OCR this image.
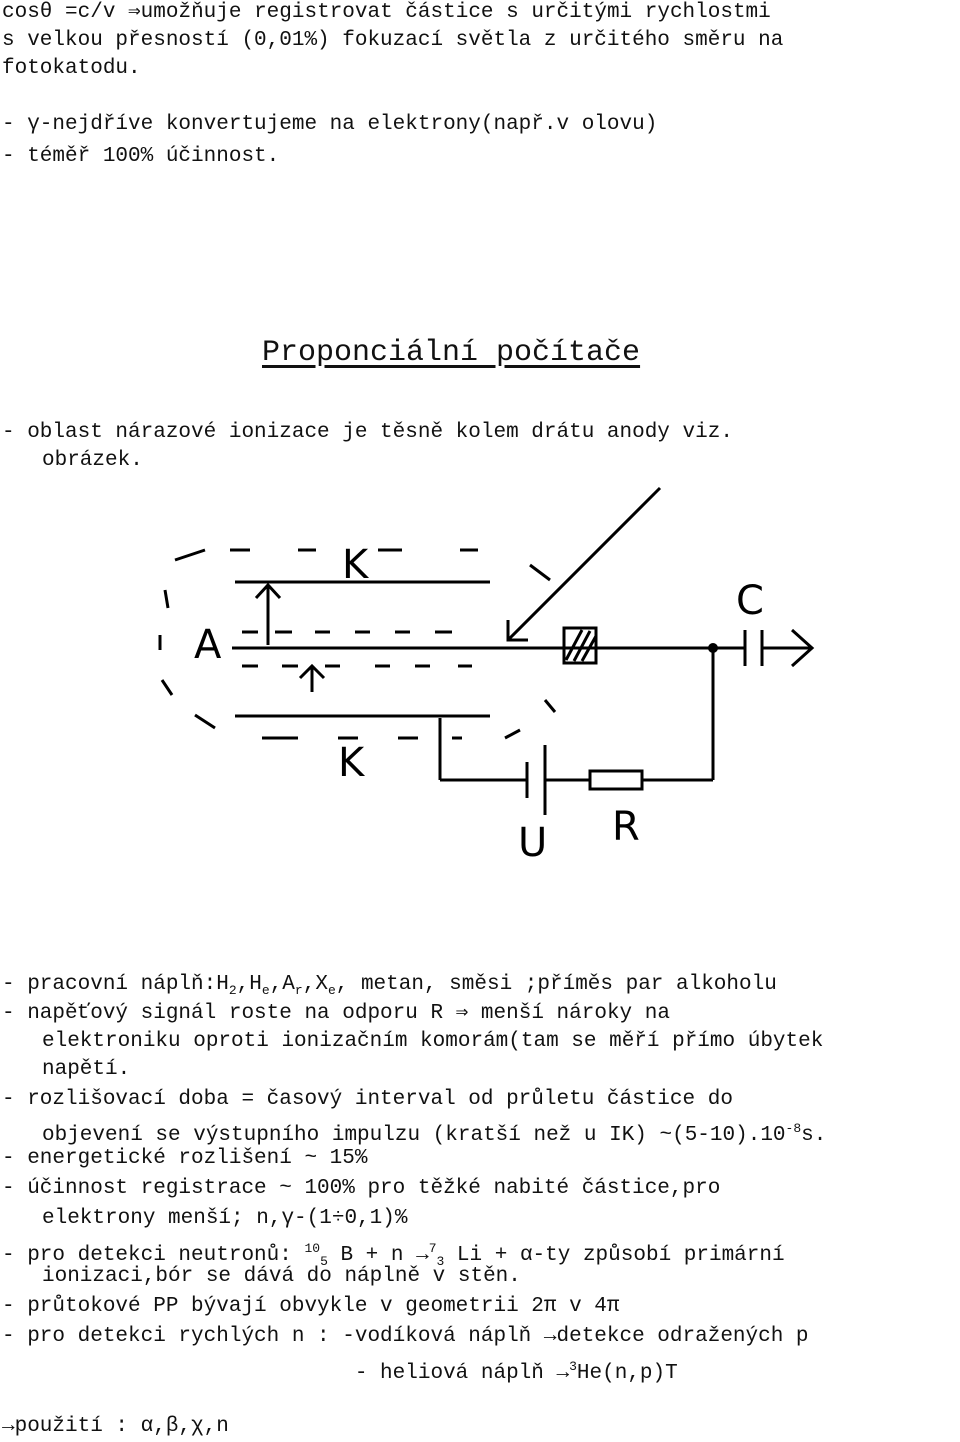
cosθ =c/v ⇒umožňuje registrovat částice s určitými rychlostmi
s velkou přesností (0,01%) fokuzací světla z určitého směru na
fotokatodu.
- γ-nejdříve konvertujeme na elektrony(např.v olovu)
- téměř 100% účinnost.
Proponciální počítače
- oblast nárazové ionizace je těsně kolem drátu anody viz.
obrázek.
K
A
K
C
U R
- pracovní $náplň:H_2,H_e,A_r,X_e$, metan, směsi ;příměs par alkoholu
- napěťový signál roste na odporu R ⇒ menší nároky na
elektroniku oproti ionizačním komorám(tam se měří přímo úbytek
napětí.
- rozlišovací doba = časový interval od průletu částice do
objevení se výstupního impulzu (kratší než u IK) $\sim(5-10).10^{-8}s$.
- energetické rozlišení ~ 15%
- účinnost registrace ~ 100% pro těžké nabité částice,pro
elektrony menší; n,γ-(1÷0,1)%
- pro detekci neutronů: $^{10}_5$ B + n →$^7_3$ Li + α-ty způsobí primární
ionizaci,bór se dává do náplně v stěn.
- průtokové PP bývají obvykle v geometrii 2π v 4π
- pro detekci rychlých n : -vodíková náplň →detekce odražených p
- heliová náplň →$^3$He(n,p)T
→použití : α,β,χ,n
